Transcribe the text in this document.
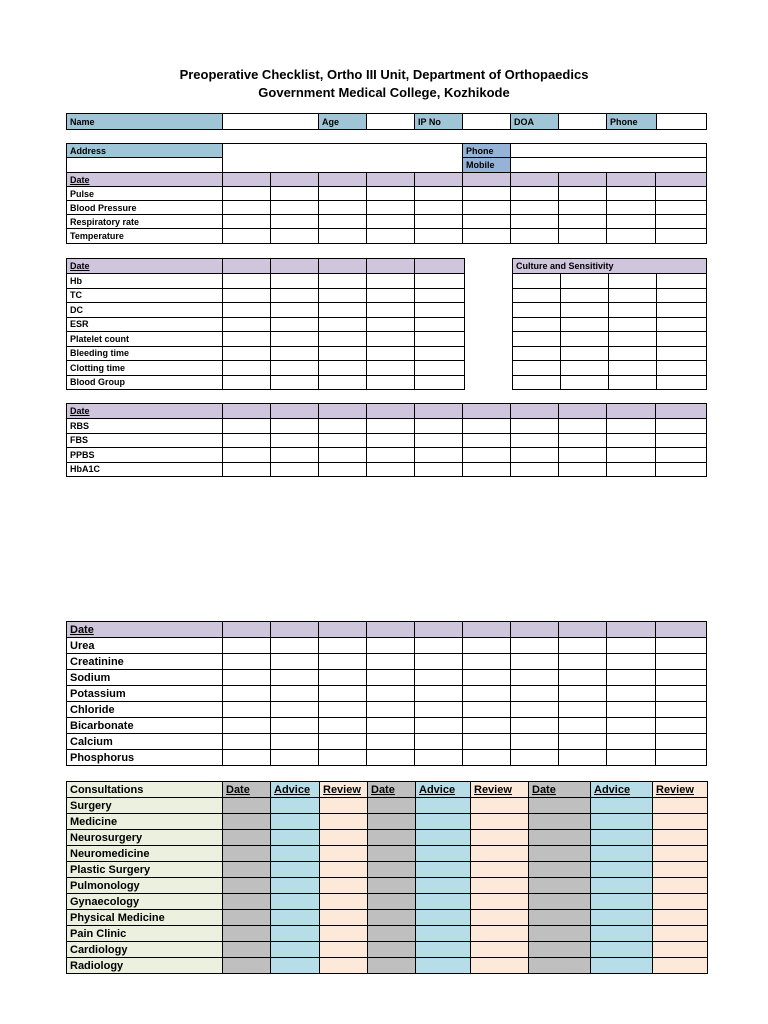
Preoperative Checklist, Ortho III Unit, Department of Orthopaedics
Government Medical College, Kozhikode
Name		Age		IP No		DOA		Phone	
Address						Phone				
						Mobile				
Date										
Pulse										
Blood Pressure										
Respiratory rate										
Temperature										
Date					
Hb					
TC					
DC					
ESR					
Platelet count					
Bleeding time					
Clotting time					
Blood Group					
Culture and Sensitivity			

Date										
RBS										
FBS										
PPBS										
HbA1C										
Date										
Urea										
Creatinine										
Sodium										
Potassium										
Chloride										
Bicarbonate										
Calcium										
Phosphorus										
Consultations	Date	Advice	Review	Date	Advice	Review	Date	Advice	Review
Surgery									
Medicine									
Neurosurgery									
Neuromedicine									
Plastic Surgery									
Pulmonology									
Gynaecology									
Physical Medicine									
Pain Clinic									
Cardiology									
Radiology									
